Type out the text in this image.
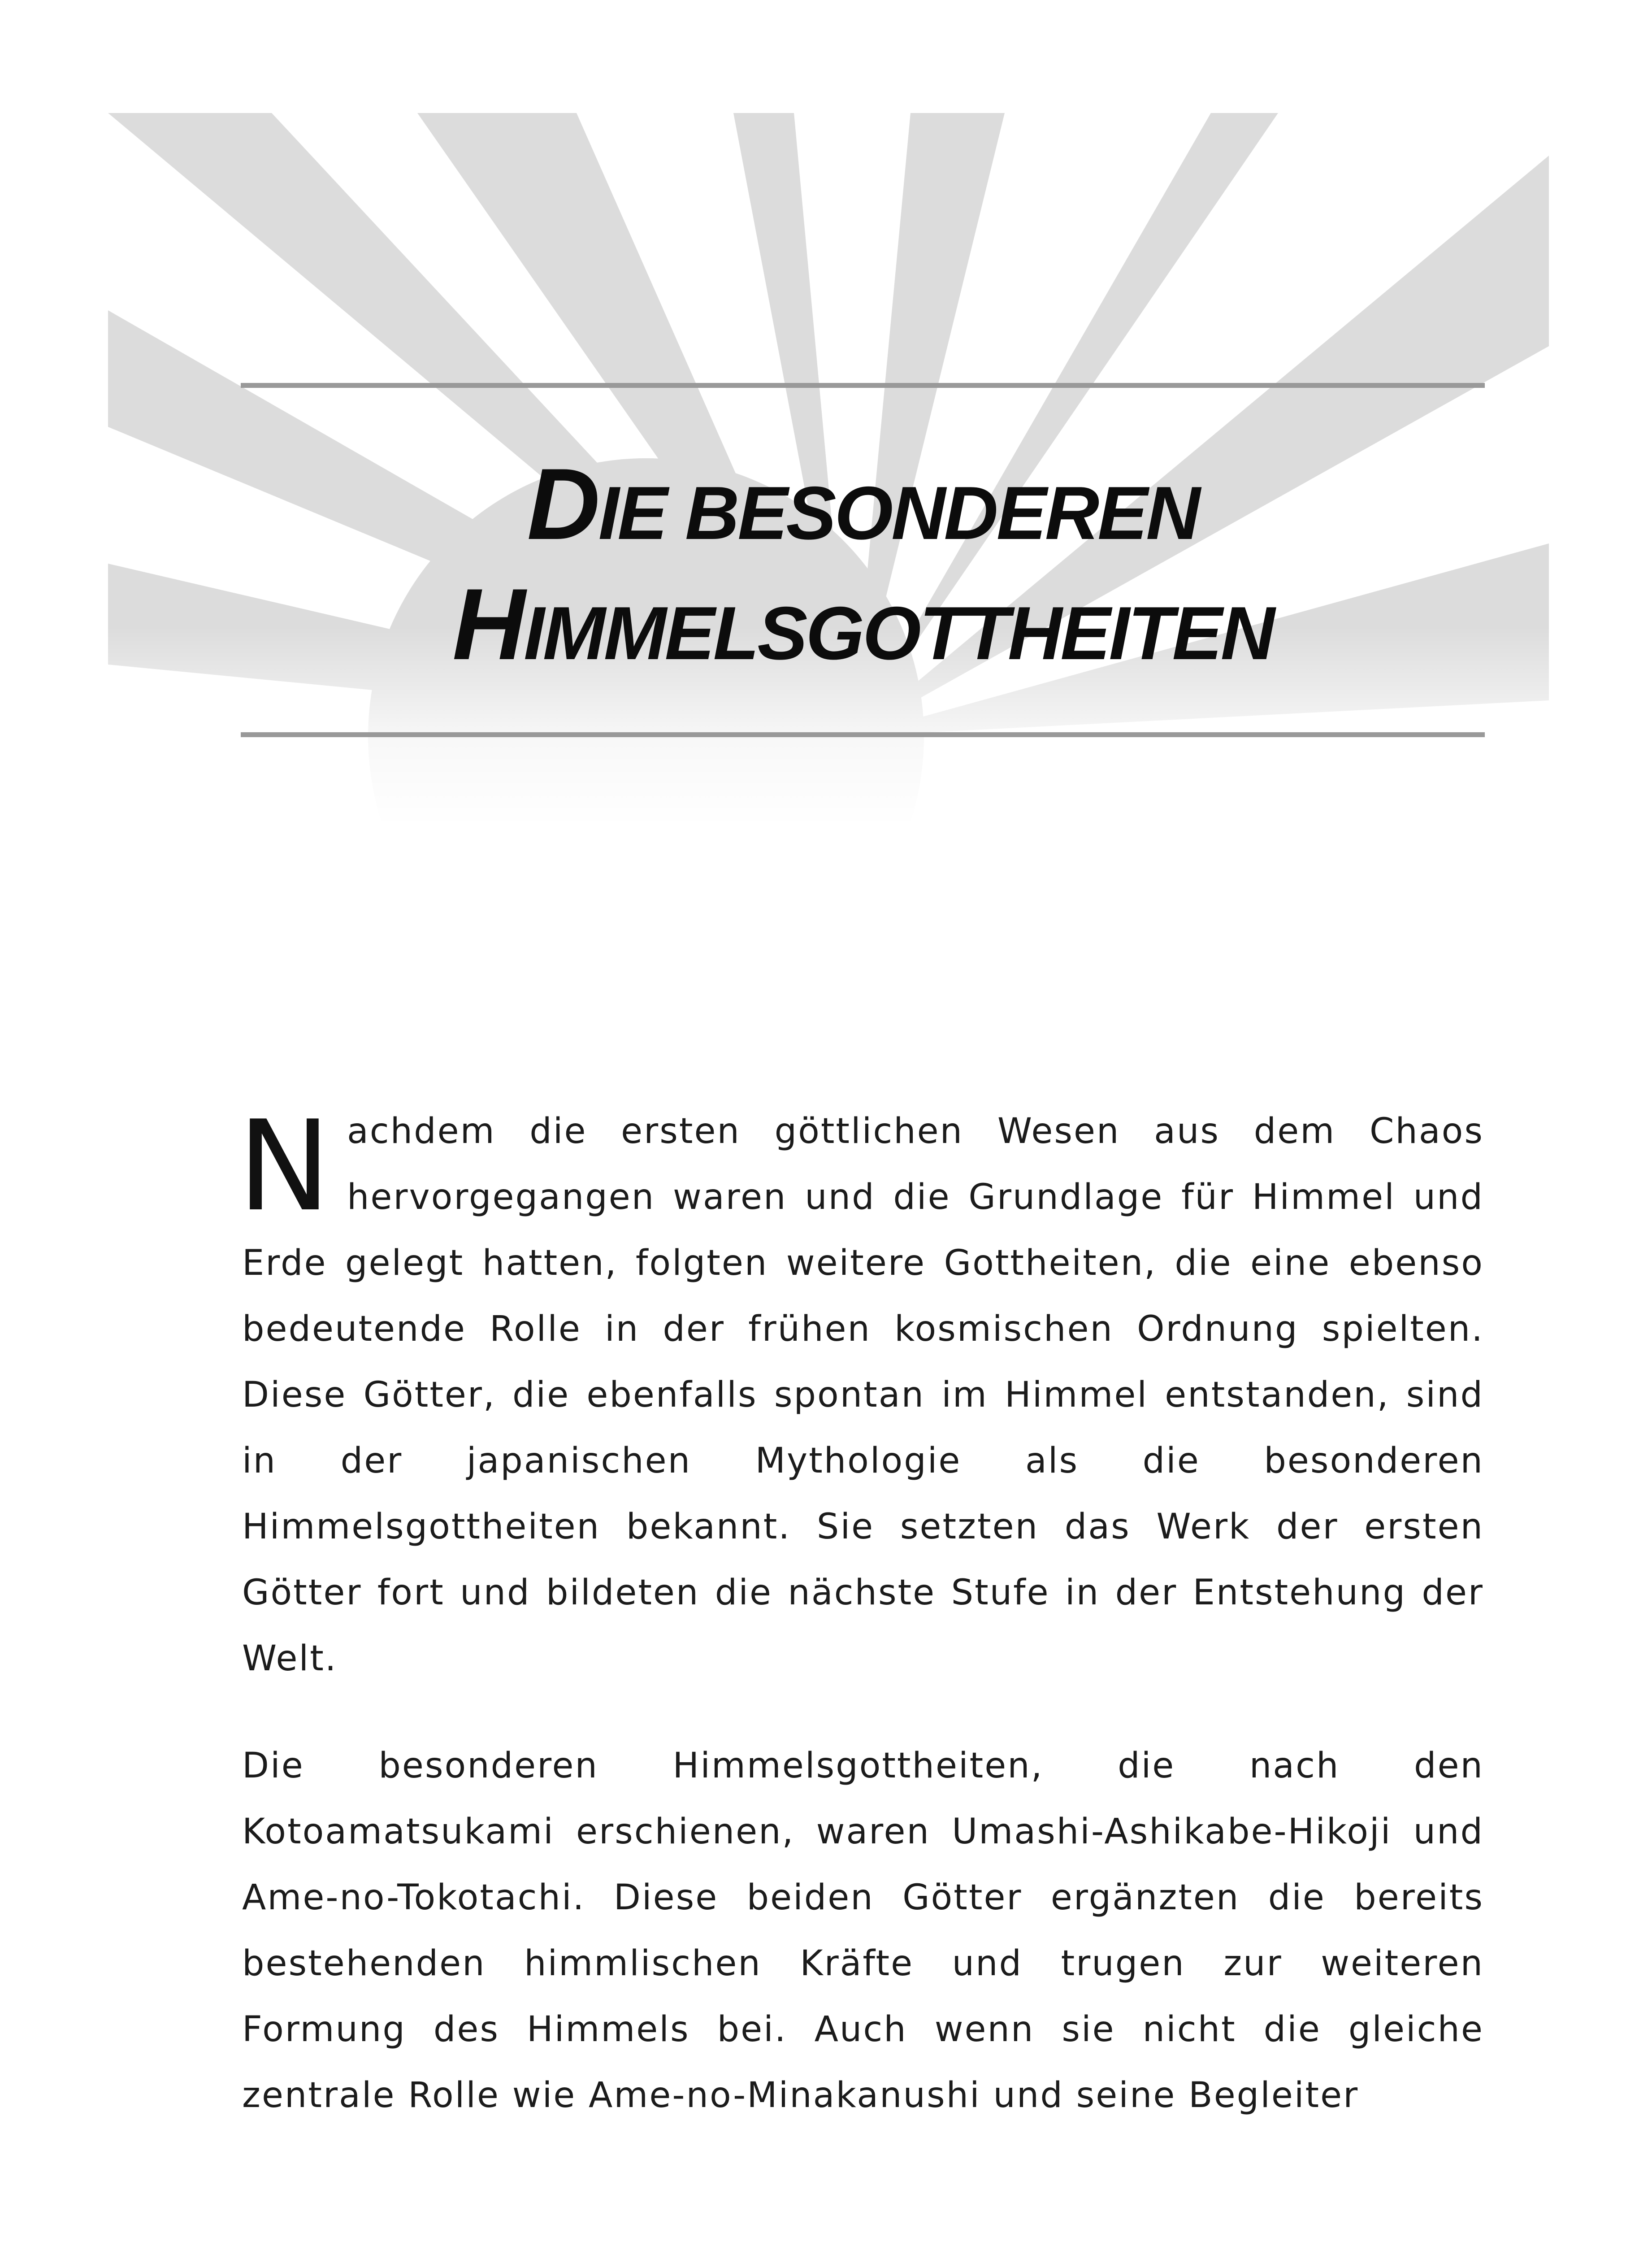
DIE BESONDEREN
HIMMELSGOTTHEITEN

Nachdem die ersten göttlichen Wesen aus dem Chaos hervorgegangen waren und die Grundlage für Himmel und Erde gelegt hatten, folgten weitere Gottheiten, die eine ebenso bedeutende Rolle in der frühen kosmischen Ordnung spielten. Diese Götter, die ebenfalls spontan im Himmel entstanden, sind in der japanischen Mythologie als die besonderen Himmelsgottheiten bekannt. Sie setzten das Werk der ersten Götter fort und bildeten die nächste Stufe in der Entstehung der Welt.

Die besonderen Himmelsgottheiten, die nach den Kotoamatsukami erschienen, waren Umashi-Ashikabe-Hikoji und Ame-no-Tokotachi. Diese beiden Götter ergänzten die bereits bestehenden himmlischen Kräfte und trugen zur weiteren Formung des Himmels bei. Auch wenn sie nicht die gleiche zentrale Rolle wie Ame-no-Minakanushi und seine Begleiter
